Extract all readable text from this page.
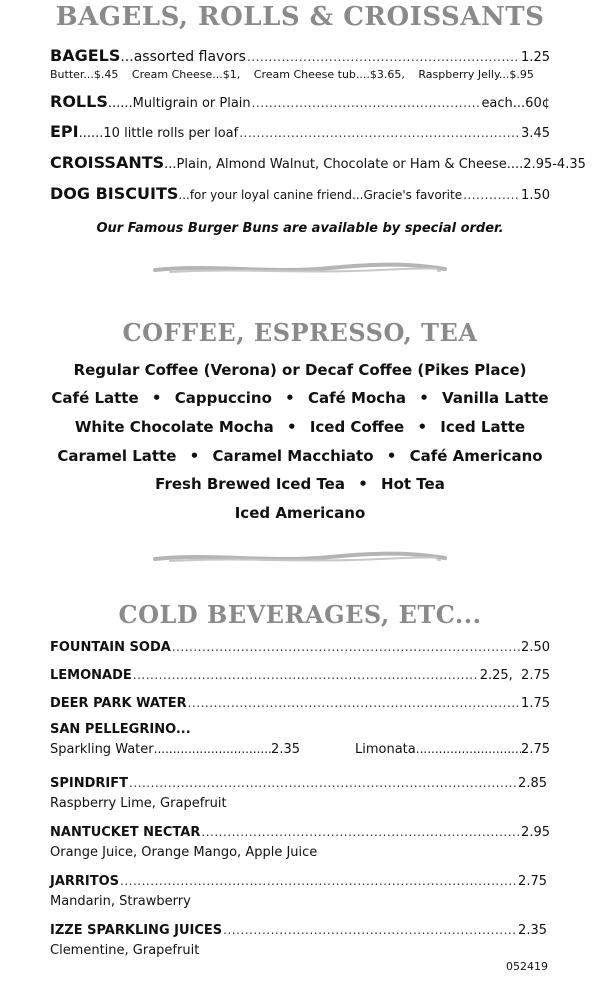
BAGELS, ROLLS & CROISSANTS
BAGELS ...assorted flavors .....	1.25
Butter...$.45 Cream Cheese...$1, Cream Cheese tub....$3.65, Raspberry Jelly...$.95
ROLLS ......Multigrain or Plain .....	each...60¢
EPI ......10 little rolls per loaf .....	3.45
CROISSANTS ...Plain, Almond Walnut, Chocolate or Ham & Cheese....2.95-4.35
DOG BISCUITS ...for your loyal canine friend...Gracie's favorite .....	1.50
Our Famous Burger Buns are available by special order.
COFFEE, ESPRESSO, TEA
Regular Coffee (Verona) or Decaf Coffee (Pikes Place)
Café Latte • Cappuccino • Café Mocha • Vanilla Latte
White Chocolate Mocha • Iced Coffee • Iced Latte
Caramel Latte • Caramel Macchiato • Café Americano
Fresh Brewed Iced Tea • Hot Tea
Iced Americano
COLD BEVERAGES, ETC...
FOUNTAIN SODA .....	2.50
LEMONADE .....	2.25,  2.75
DEER PARK WATER .....	1.75
SAN PELLEGRINO...
Sparkling Water .....	2.35	Limonata .....	2.75
SPINDRIFT .....	2.85
Raspberry Lime, Grapefruit
NANTUCKET NECTAR .....	2.95
Orange Juice, Orange Mango, Apple Juice
JARRITOS .....	2.75
Mandarin, Strawberry
IZZE SPARKLING JUICES .....	2.35
Clementine, Grapefruit
052419
